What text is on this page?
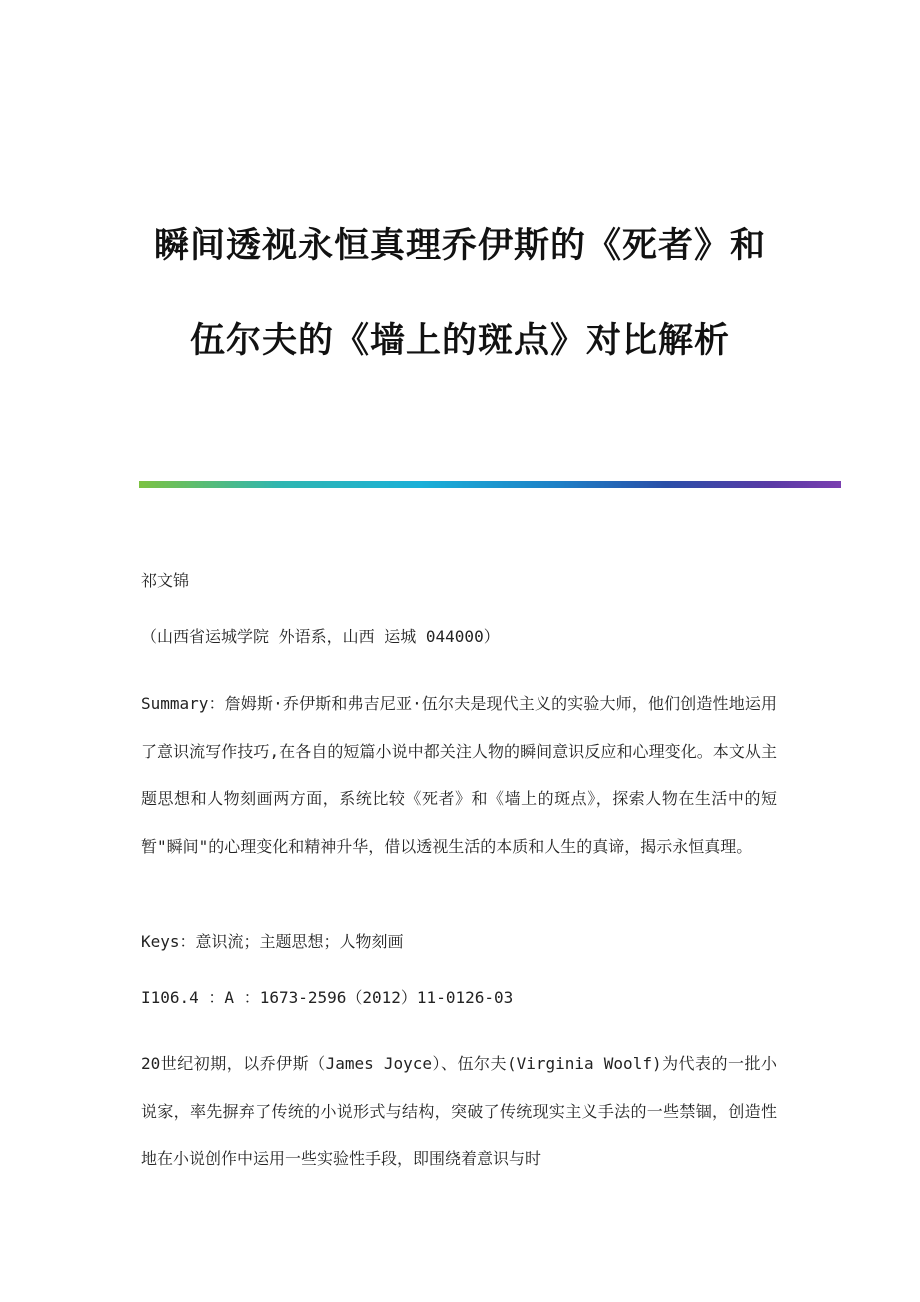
瞬间透视永恒真理乔伊斯的《死者》和
伍尔夫的《墙上的斑点》对比解析
祁文锦
（山西省运城学院 外语系，山西 运城 044000）

Summary：詹姆斯·乔伊斯和弗吉尼亚·伍尔夫是现代主义的实验大师，他们创造性地运用了意识流写作技巧,在各自的短篇小说中都关注人物的瞬间意识反应和心理变化。本文从主题思想和人物刻画两方面，系统比较《死者》和《墙上的斑点》，探索人物在生活中的短暂"瞬间"的心理变化和精神升华，借以透视生活的本质和人生的真谛，揭示永恒真理。

Keys：意识流；主题思想；人物刻画
I106.4 ：A ：1673-2596（2012）11-0126-03

20世纪初期，以乔伊斯（James Joyce）、伍尔夫(Virginia Woolf)为代表的一批小说家，率先摒弃了传统的小说形式与结构，突破了传统现实主义手法的一些禁锢，创造性地在小说创作中运用一些实验性手段，即围绕着意识与时
